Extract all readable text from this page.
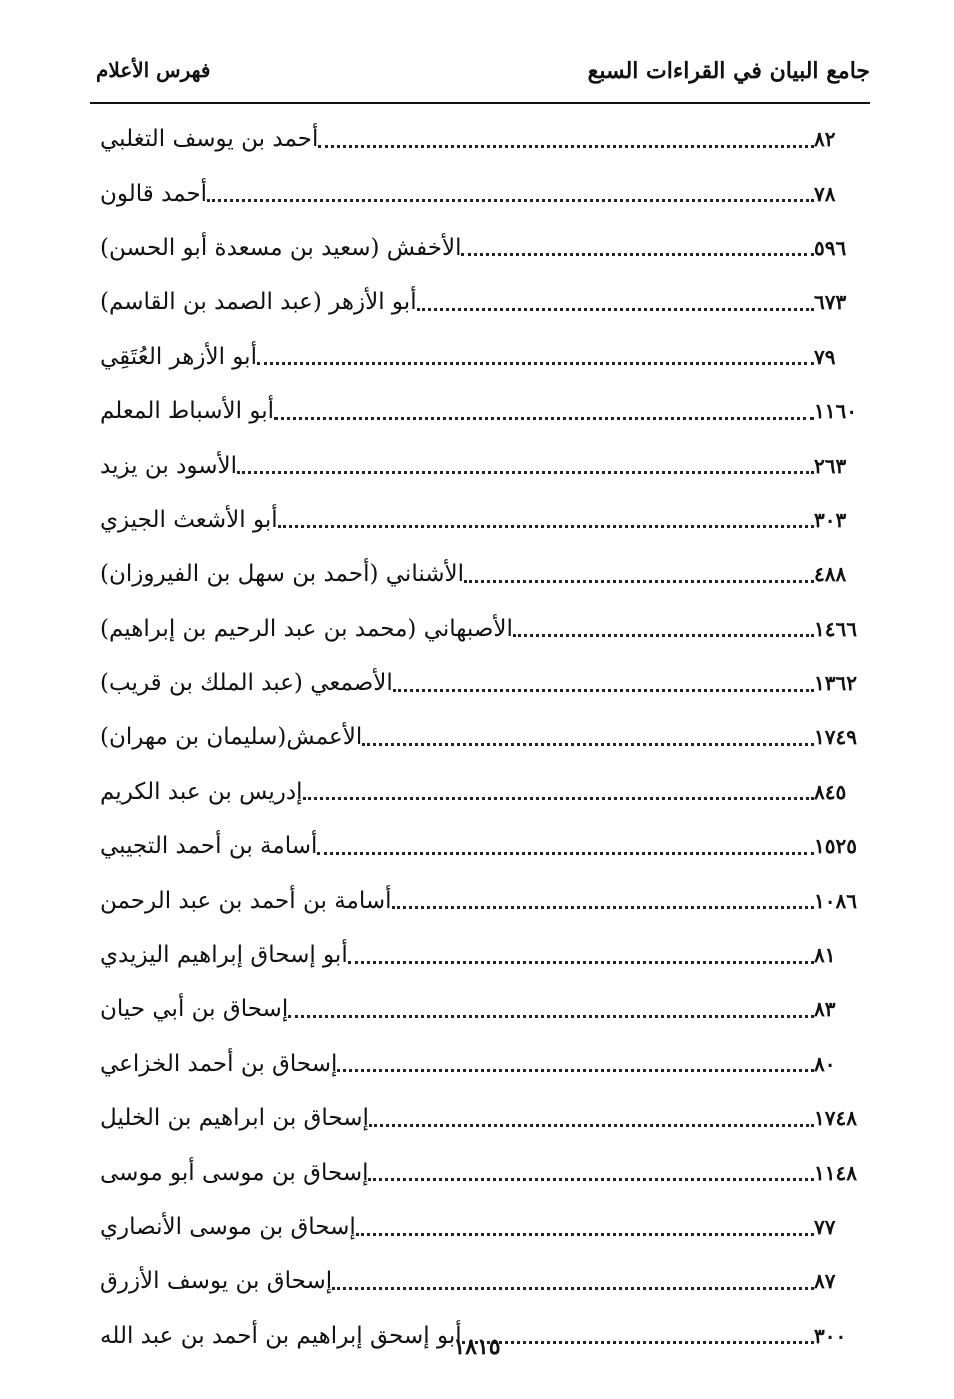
جامع البيان في القراءات السبع
فهرس الأعلام
أحمد بن يوسف التغلبي	٨٢
أحمد قالون	٧٨
الأخفش (سعيد بن مسعدة أبو الحسن)	٥٩٦
أبو الأزهر (عبد الصمد بن القاسم)	٦٧٣
أبو الأزهر العُتَقِي	٧٩
أبو الأسباط المعلم	١١٦٠
الأسود بن يزيد	٢٦٣
أبو الأشعث الجيزي	٣٠٣
الأشناني (أحمد بن سهل بن الفيروزان)	٤٨٨
الأصبهاني (محمد بن عبد الرحيم بن إبراهيم)	١٤٦٦
الأصمعي (عبد الملك بن قريب)	١٣٦٢
الأعمش(سليمان بن مهران)	١٧٤٩
إدريس بن عبد الكريم	٨٤٥
أسامة بن أحمد التجيبي	١٥٢٥
أسامة بن أحمد بن عبد الرحمن	١٠٨٦
أبو إسحاق إبراهيم اليزيدي	٨١
إسحاق بن أبي حيان	٨٣
إسحاق بن أحمد الخزاعي	٨٠
إسحاق بن ابراهيم بن الخليل	١٧٤٨
إسحاق بن موسى أبو موسى	١١٤٨
إسحاق بن موسى الأنصاري	٧٧
إسحاق بن يوسف الأزرق	٨٧
أبو إسحق إبراهيم بن أحمد بن عبد الله	٣٠٠
١٨١٥
